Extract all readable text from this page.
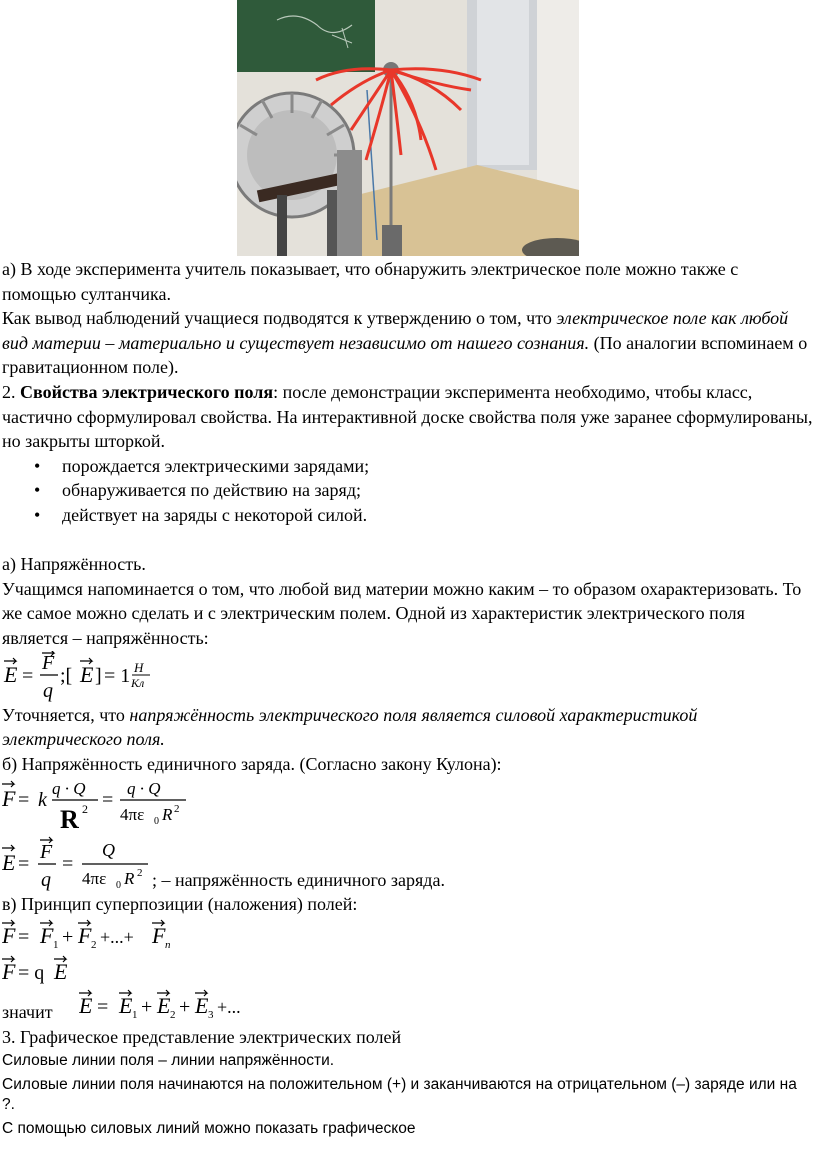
а) В ходе эксперимента учитель показывает, что обнаружить электрическое поле можно также с помощью султанчика.

Как вывод наблюдений учащиеся подводятся к утверждению о том, что электрическое поле как любой вид материи – материально и существует независимо от нашего сознания. (По аналогии вспоминаем о гравитационном поле).

2. Свойства электрического поля: после демонстрации эксперимента необходимо, чтобы класс, частично сформулировал свойства. На интерактивной доске свойства поля уже заранее сформулированы, но закрыты шторкой.

• порождается электрическими зарядами;
• обнаруживается по действию на заряд;
• действует на заряды с некоторой силой.

а) Напряжённость.

Учащимся напоминается о том, что любой вид материи можно каким – то образом охарактеризовать. То же самое можно сделать и с электрическим полем. Одной из характеристик электрического поля является – напряжённость:

E =
F
q
;[ E ] = 1 Н
Кл

Уточняется, что напряжённость электрического поля является силовой характеристикой электрического поля.

б) Напряжённость единичного заряда. (Согласно закону Кулона):

F = k
q · Q
R 2 =
q · Q
4πε 0 R 2
E =
F
q
=
Q
4πε 0 R 2 ; – напряжённость единичного заряда.

в) Принцип суперпозиции (наложения) полей:

F = F 1 + F 2 +...+ F n
F = q E
значит E = E 1 + E 2 + E 3 +...

3. Графическое представление электрических полей

Силовые линии поля – линии напряжённости.

Силовые линии поля начинаются на положительном (+) и заканчиваются на отрицательном (–) заряде или на ?.

С помощью силовых линий можно показать графическое
